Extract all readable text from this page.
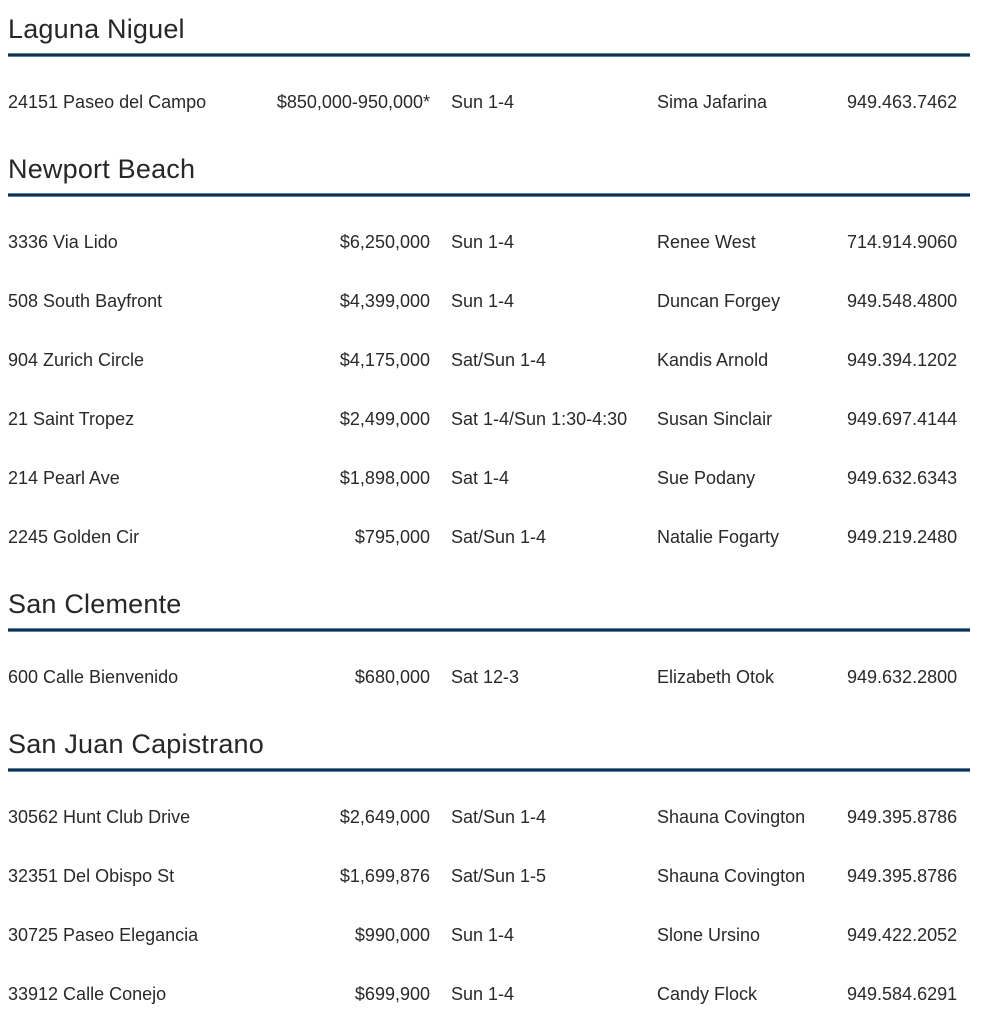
Laguna Niguel
24151 Paseo del Campo	$850,000-950,000*	Sun 1-4	Sima Jafarina	949.463.7462
Newport Beach
3336 Via Lido	$6,250,000	Sun 1-4	Renee West	714.914.9060
508 South Bayfront	$4,399,000	Sun 1-4	Duncan Forgey	949.548.4800
904 Zurich Circle	$4,175,000	Sat/Sun 1-4	Kandis Arnold	949.394.1202
21 Saint Tropez	$2,499,000	Sat 1-4/Sun 1:30-4:30	Susan Sinclair	949.697.4144
214 Pearl Ave	$1,898,000	Sat 1-4	Sue Podany	949.632.6343
2245 Golden Cir	$795,000	Sat/Sun 1-4	Natalie Fogarty	949.219.2480
San Clemente
600 Calle Bienvenido	$680,000	Sat 12-3	Elizabeth Otok	949.632.2800
San Juan Capistrano
30562 Hunt Club Drive	$2,649,000	Sat/Sun 1-4	Shauna Covington	949.395.8786
32351 Del Obispo St	$1,699,876	Sat/Sun 1-5	Shauna Covington	949.395.8786
30725 Paseo Elegancia	$990,000	Sun 1-4	Slone Ursino	949.422.2052
33912 Calle Conejo	$699,900	Sun 1-4	Candy Flock	949.584.6291
